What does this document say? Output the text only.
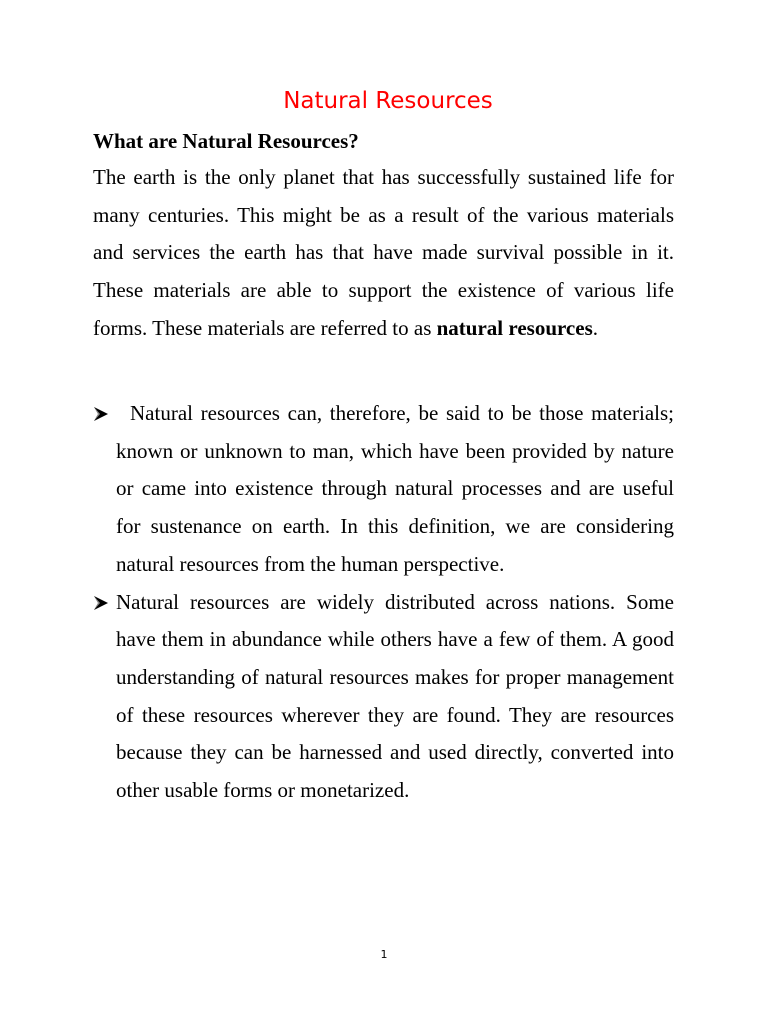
Natural Resources
What are Natural Resources?

The earth is the only planet that has successfully sustained life for many centuries. This might be as a result of the various materials and services the earth has that have made survival possible in it. These materials are able to support the existence of various life forms. These materials are referred to as natural resources.

Natural resources can, therefore, be said to be those materials; known or unknown to man, which have been provided by nature or came into existence through natural processes and are useful for sustenance on earth. In this definition, we are considering natural resources from the human perspective.
Natural resources are widely distributed across nations. Some have them in abundance while others have a few of them. A good understanding of natural resources makes for proper management of these resources wherever they are found. They are resources because they can be harnessed and used directly, converted into other usable forms or monetarized.
1
